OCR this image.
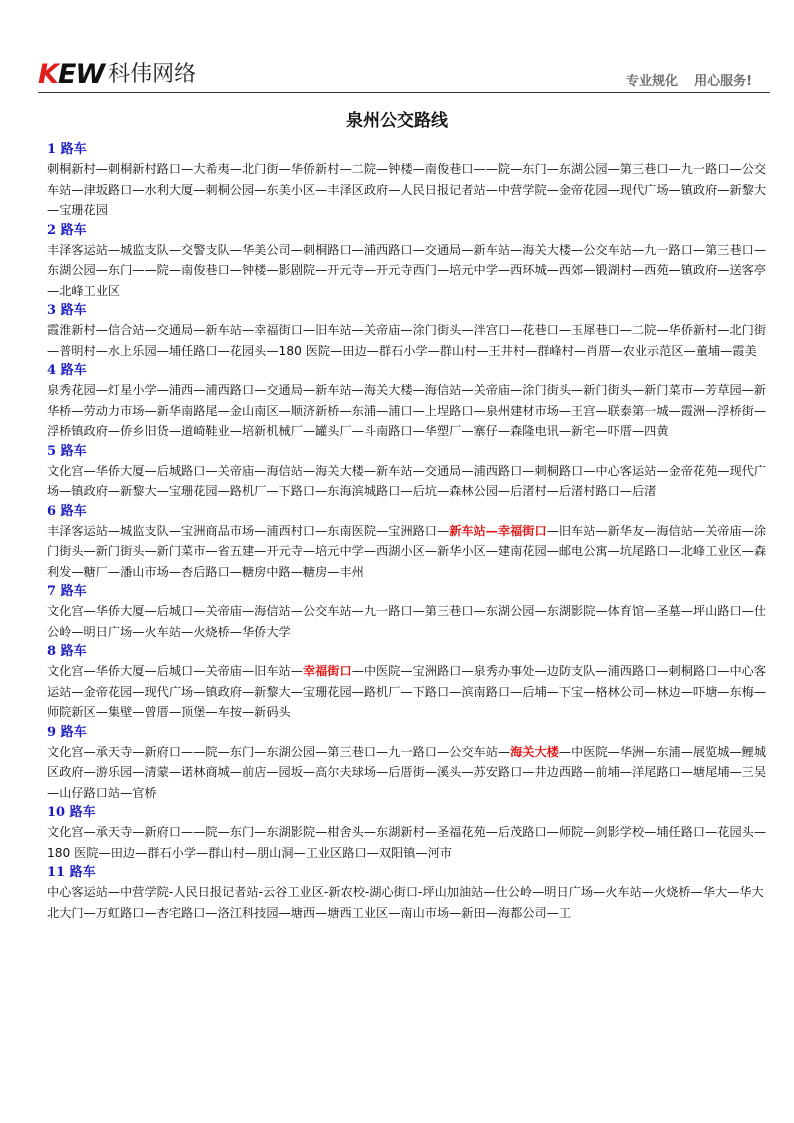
KEW 科伟网络	专业规化 用心服务!
泉州公交路线
1 路车
刺桐新村—刺桐新村路口—大希夷—北门街—华侨新村—二院—钟楼—南俊巷口——院—东门—东湖公园—第三巷口—九一路口—公交车站—津坂路口—水利大厦—刺桐公园—东美小区—丰泽区政府—人民日报记者站—中营学院—金帝花园—现代广场—镇政府—新黎大—宝珊花园
2 路车
丰泽客运站—城监支队—交警支队—华美公司—刺桐路口—浦西路口—交通局—新车站—海关大楼—公交车站—九一路口—第三巷口—东湖公园—东门——院—南俊巷口—钟楼—影剧院—开元寺—开元寺西门—培元中学—西环城—西郊—锻湖村—西苑—镇政府—送客亭—北峰工业区
3 路车
霞淮新村—信合站—交通局—新车站—幸福街口—旧车站—关帝庙—涂门街头—泮宫口—花巷口—玉犀巷口—二院—华侨新村—北门街—普明村—水上乐园—埔任路口—花园头—180 医院—田边—群石小学—群山村—王井村—群峰村—肖厝—农业示范区—董埔—霞美
4 路车
泉秀花园—灯星小学—浦西—浦西路口—交通局—新车站—海关大楼—海信站—关帝庙—涂门街头—新门街头—新门菜市—芳草园—新华桥—劳动力市场—新华南路尾—金山南区—顺济新桥—东浦—浦口—上埕路口—泉州建材市场—王宫—联泰第一城—霞洲—浮桥街—浮桥镇政府—侨乡旧货—道崎鞋业—培新机械厂—罐头厂—斗南路口—华塑厂—寨仔—森隆电讯—新宅—吓厝—四黄
5 路车
文化宫—华侨大厦—后城路口—关帝庙—海信站—海关大楼—新车站—交通局—浦西路口—刺桐路口—中心客运站—金帝花苑—现代广场—镇政府—新黎大—宝珊花园—路机厂—下路口—东海滨城路口—后坑—森林公园—后渚村—后渚村路口—后渚
6 路车
丰泽客运站—城监支队—宝洲商品市场—浦西村口—东南医院—宝洲路口—新车站—幸福街口—旧车站—新华友—海信站—关帝庙—涂门街头—新门街头—新门菜市—省五建—开元寺—培元中学—西湖小区—新华小区—建南花园—邮电公寓—坑尾路口—北峰工业区—森利发—糖厂—潘山市场—杏后路口—糖房中路—糖房—丰州
7 路车
文化宫—华侨大厦—后城口—关帝庙—海信站—公交车站—九一路口—第三巷口—东湖公园—东湖影院—体育馆—圣墓—坪山路口—仕公岭—明日广场—火车站—火烧桥—华侨大学
8 路车
文化宫—华侨大厦—后城口—关帝庙—旧车站—幸福街口—中医院—宝洲路口—泉秀办事处—边防支队—浦西路口—刺桐路口—中心客运站—金帝花园—现代广场—镇政府—新黎大—宝珊花园—路机厂—下路口—滨南路口—后埔—下宝—格林公司—林边—吓塘—东梅—师院新区—集壁—曾厝—顶堡—车按—新码头
9 路车
文化宫—承天寺—新府口——院—东门—东湖公园—第三巷口—九一路口—公交车站—海关大楼—中医院—华洲—东浦—展览城—鲤城区政府—游乐园—清蒙—诺林商城—前店—园坂—高尔夫球场—后厝街—溪头—苏安路口—井边西路—前埔—洋尾路口—塘尾埔—三吴—山仔路口站—官桥
10 路车
文化宫—承天寺—新府口——院—东门—东湖影院—柑舍头—东湖新村—圣福花苑—后茂路口—师院—剑影学校—埔任路口—花园头—180 医院—田边—群石小学—群山村—朋山洞—工业区路口—双阳镇—河市
11 路车
中心客运站—中营学院-人民日报记者站-云谷工业区-新农校-湖心街口-坪山加油站—仕公岭—明日广场—火车站—火烧桥—华大—华大北大门—万虹路口—杏宅路口—洛江科技园—塘西—塘西工业区—南山市场—新田—海都公司—工
